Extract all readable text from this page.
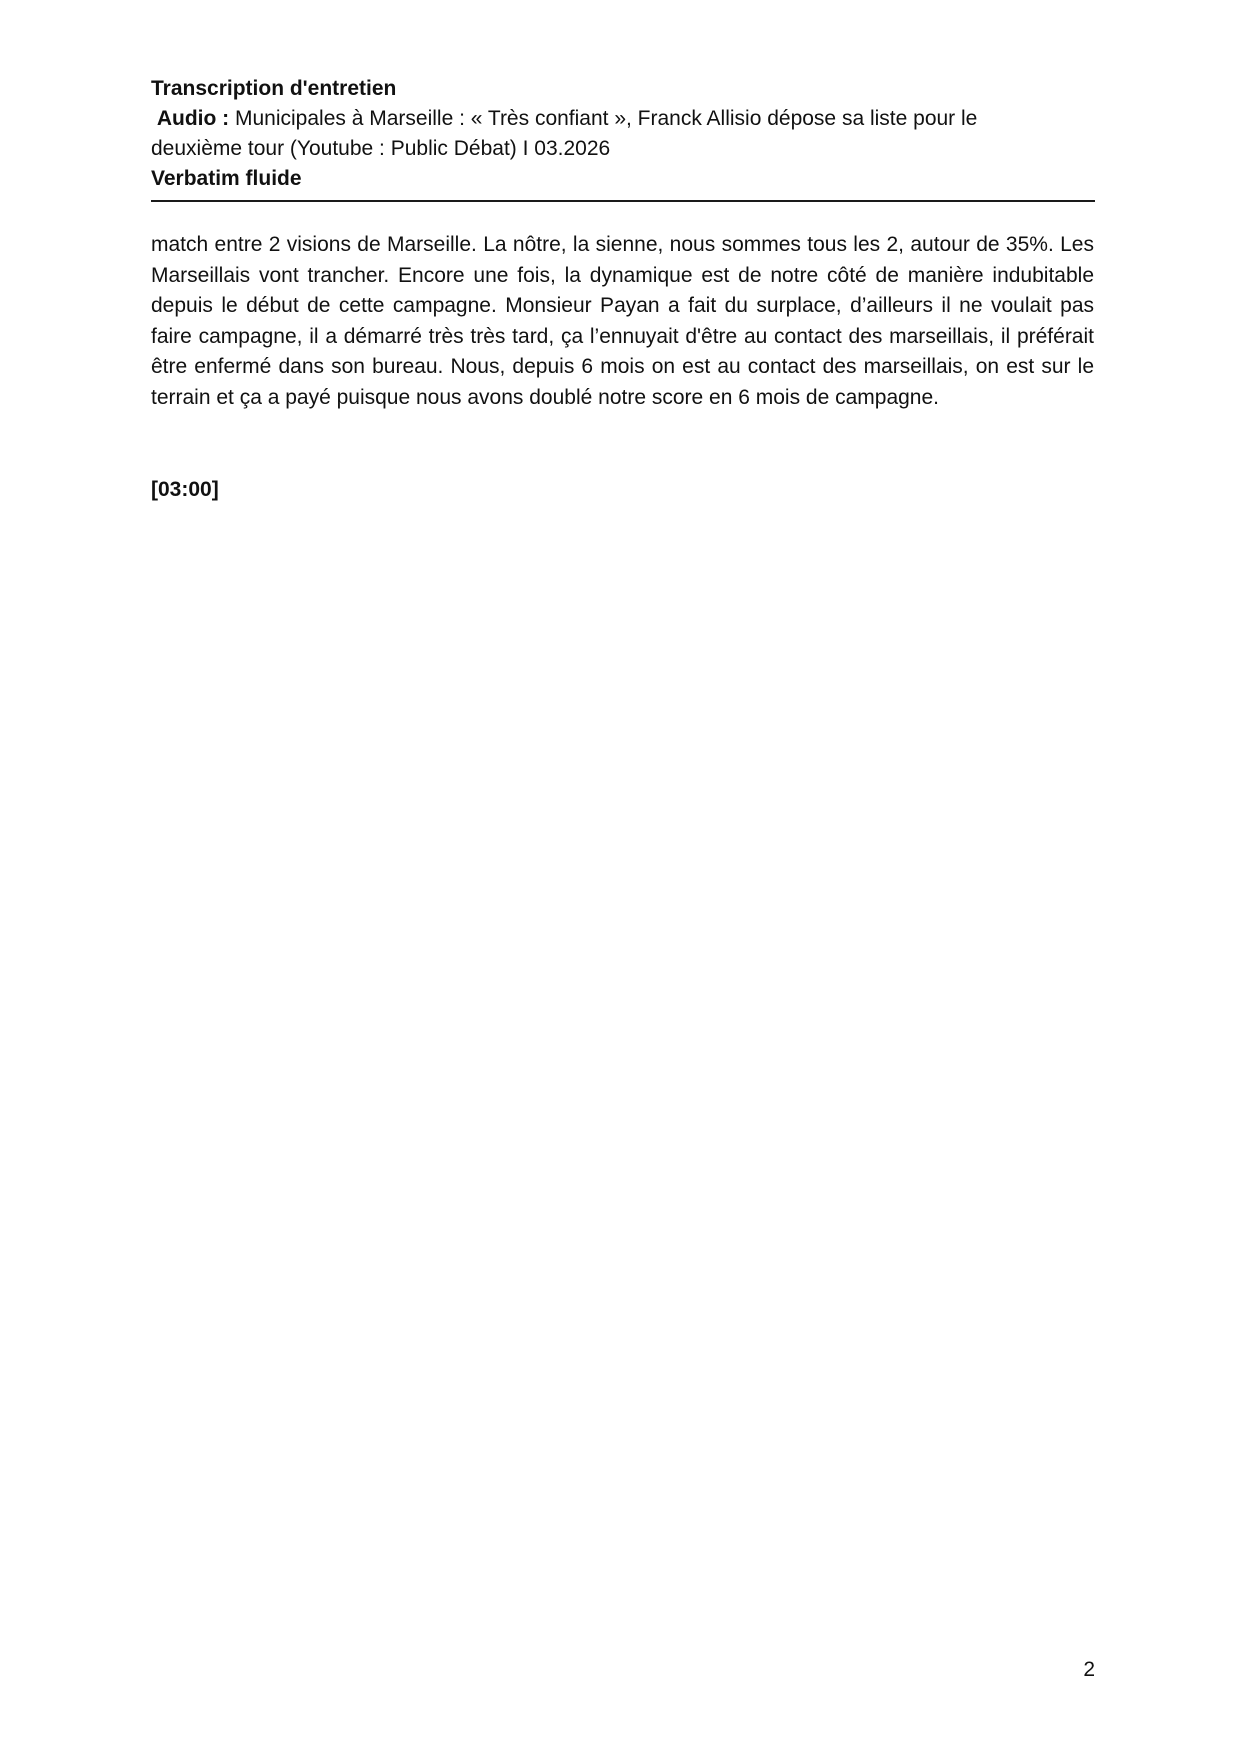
Transcription d'entretien
Audio : Municipales à Marseille : « Très confiant », Franck Allisio dépose sa liste pour le
deuxième tour (Youtube : Public Débat) I 03.2026
Verbatim fluide

match entre 2 visions de Marseille. La nôtre, la sienne, nous sommes tous les 2, autour de 35%. Les Marseillais vont trancher. Encore une fois, la dynamique est de notre côté de manière indubitable depuis le début de cette campagne. Monsieur Payan a fait du surplace, d’ailleurs il ne voulait pas faire campagne, il a démarré très très tard, ça l’ennuyait d'être au contact des marseillais, il préférait être enfermé dans son bureau. Nous, depuis 6 mois on est au contact des marseillais, on est sur le terrain et ça a payé puisque nous avons doublé notre score en 6 mois de campagne.

[03:00]
2
